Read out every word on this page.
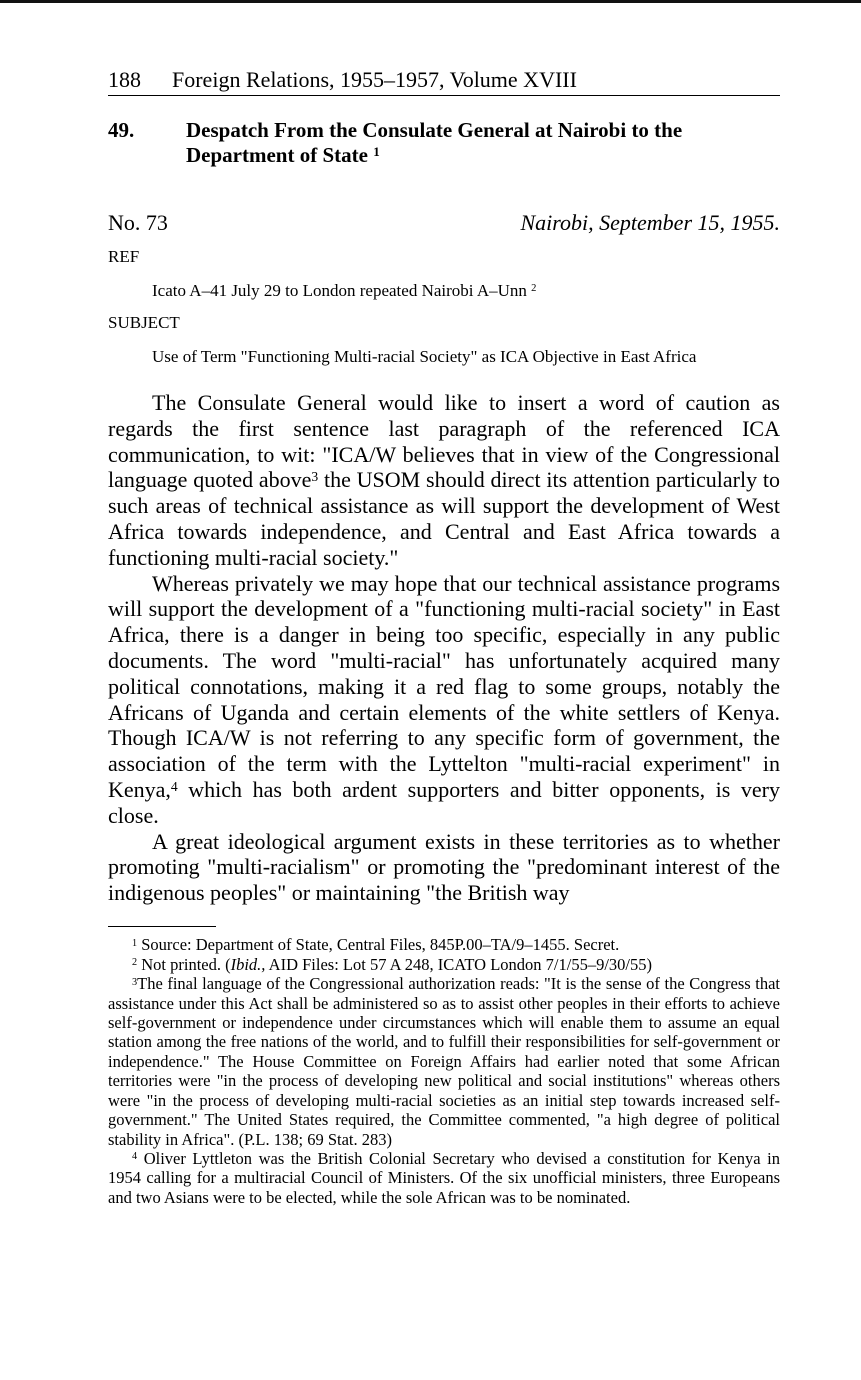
188 Foreign Relations, 1955–1957, Volume XVIII
49.	Despatch From the Consulate General at Nairobi to the Department of State $^1$
No. 73	Nairobi, September 15, 1955.
REF
Icato A–41 July 29 to London repeated Nairobi A–Unn $^2$
SUBJECT
Use of Term "Functioning Multi-racial Society" as ICA Objective in East Africa

The Consulate General would like to insert a word of caution as regards the first sentence last paragraph of the referenced ICA communication, to wit: "ICA/W believes that in view of the Congressional language quoted above$^3$ the USOM should direct its attention particularly to such areas of technical assistance as will support the development of West Africa towards independence, and Central and East Africa towards a functioning multi-racial society."

Whereas privately we may hope that our technical assistance programs will support the development of a "functioning multi-racial society" in East Africa, there is a danger in being too specific, especially in any public documents. The word "multi-racial" has unfortunately acquired many political connotations, making it a red flag to some groups, notably the Africans of Uganda and certain elements of the white settlers of Kenya. Though ICA/W is not referring to any specific form of government, the association of the term with the Lyttelton "multi-racial experiment" in Kenya,$^4$ which has both ardent supporters and bitter opponents, is very close.

A great ideological argument exists in these territories as to whether promoting "multi-racialism" or promoting the "predominant interest of the indigenous peoples" or maintaining "the British way

$^1$ Source: Department of State, Central Files, 845P.00–TA/9–1455. Secret.

$^2$ Not printed. (Ibid., AID Files: Lot 57 A 248, ICATO London 7/1/55–9/30/55)

$^3$The final language of the Congressional authorization reads: "It is the sense of the Congress that assistance under this Act shall be administered so as to assist other peoples in their efforts to achieve self-government or independence under circumstances which will enable them to assume an equal station among the free nations of the world, and to fulfill their responsibilities for self-government or independence." The House Committee on Foreign Affairs had earlier noted that some African territories were "in the process of developing new political and social institutions" whereas others were "in the process of developing multi-racial societies as an initial step towards increased self-government." The United States required, the Committee commented, "a high degree of political stability in Africa". (P.L. 138; 69 Stat. 283)

$^4$ Oliver Lyttleton was the British Colonial Secretary who devised a constitution for Kenya in 1954 calling for a multiracial Council of Ministers. Of the six unofficial ministers, three Europeans and two Asians were to be elected, while the sole African was to be nominated.
